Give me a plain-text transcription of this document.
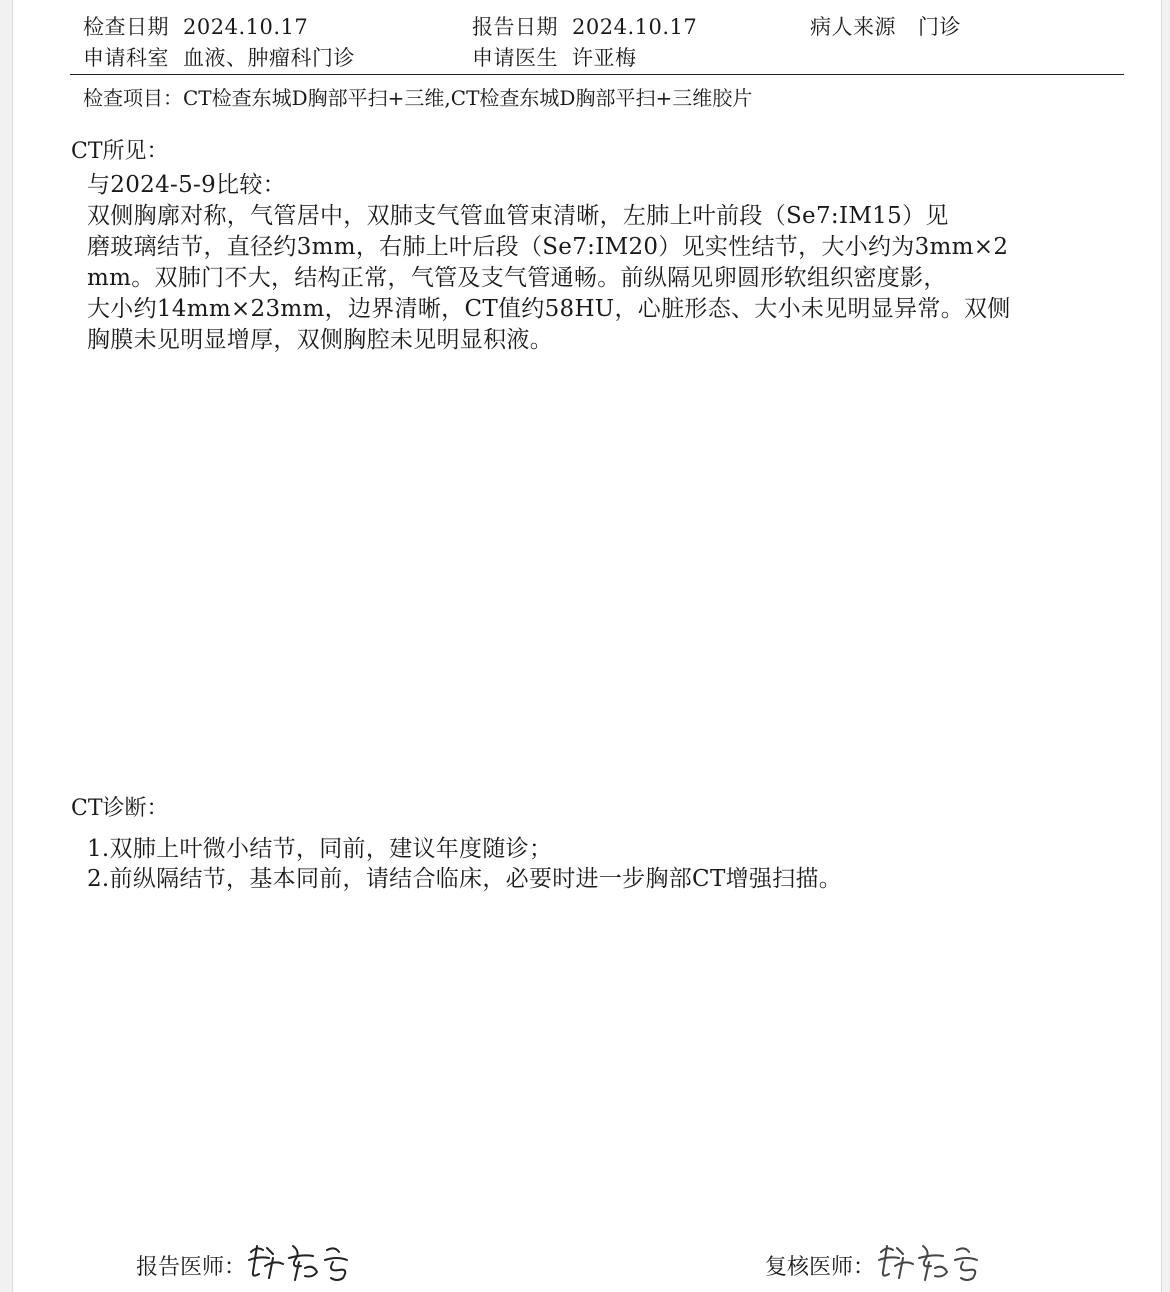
检查日期 2024.10.17	报告日期 2024.10.17	病人来源 门诊
申请科室 血液、肿瘤科门诊	申请医生 许亚梅
检查项目：CT检查东城D胸部平扫+三维,CT检查东城D胸部平扫+三维胶片
CT所见：
与2024-5-9比较：
双侧胸廓对称，气管居中，双肺支气管血管束清晰，左肺上叶前段（Se7:IM15）见
磨玻璃结节，直径约3mm，右肺上叶后段（Se7:IM20）见实性结节，大小约为3mm×2
mm。双肺门不大，结构正常，气管及支气管通畅。前纵隔见卵圆形软组织密度影，
大小约14mm×23mm，边界清晰，CT值约58HU，心脏形态、大小未见明显异常。双侧
胸膜未见明显增厚，双侧胸腔未见明显积液。
CT诊断：
1.双肺上叶微小结节，同前，建议年度随诊；
2.前纵隔结节，基本同前，请结合临床，必要时进一步胸部CT增强扫描。
报告医师：	复核医师：
